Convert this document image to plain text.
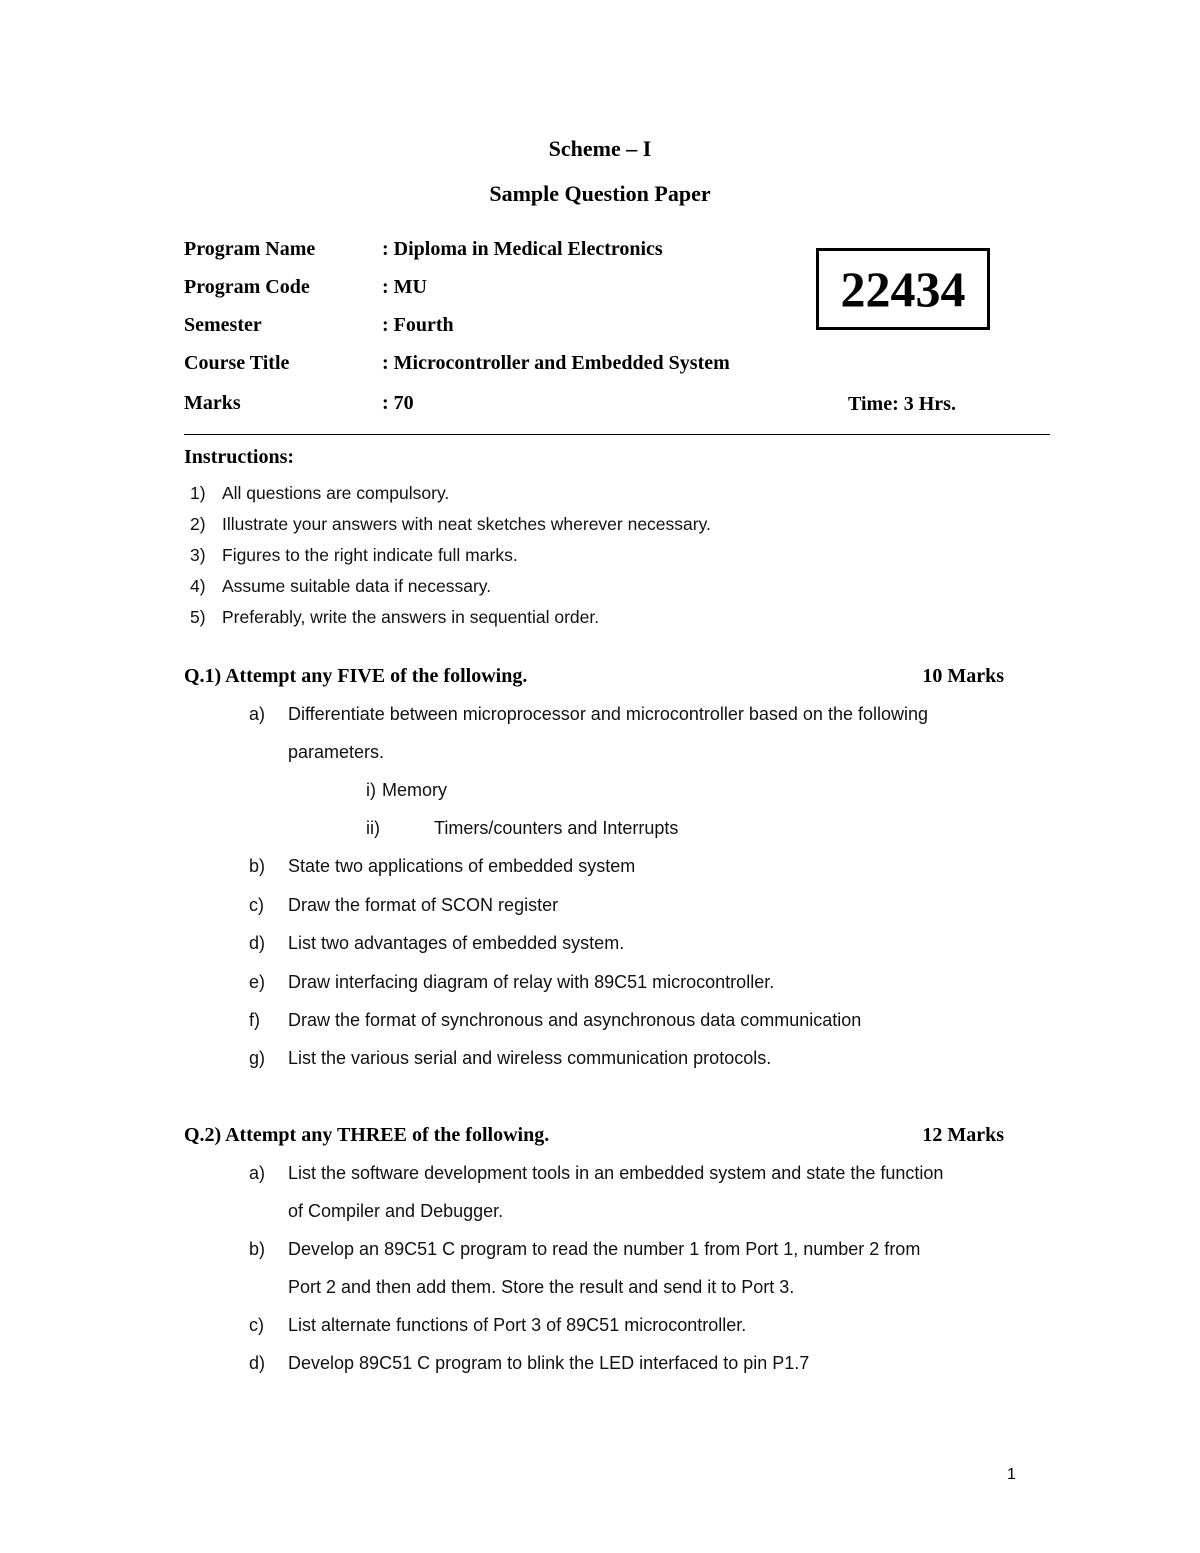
Scheme – I
Sample Question Paper
Program Name	: Diploma in Medical Electronics
Program Code	: MU
Semester	: Fourth
Course Title	: Microcontroller and Embedded System
Marks	: 70
22434
Time: 3 Hrs.
Instructions:
1) All questions are compulsory.
2) Illustrate your answers with neat sketches wherever necessary.
3) Figures to the right indicate full marks.
4) Assume suitable data if necessary.
5) Preferably, write the answers in sequential order.
Q.1) Attempt any FIVE of the following.	10 Marks
a) Differentiate between microprocessor and microcontroller based on the following
parameters.
i) Memory
ii)	Timers/counters and Interrupts
b) State two applications of embedded system
c) Draw the format of SCON register
d) List two advantages of embedded system.
e) Draw interfacing diagram of relay with 89C51 microcontroller.
f) Draw the format of synchronous and asynchronous data communication
g) List the various serial and wireless communication protocols.
Q.2) Attempt any THREE of the following.	12 Marks
a) List the software development tools in an embedded system and state the function
of Compiler and Debugger.
b) Develop an 89C51 C program to read the number 1 from Port 1, number 2 from
Port 2 and then add them. Store the result and send it to Port 3.
c) List alternate functions of Port 3 of 89C51 microcontroller.
d) Develop 89C51 C program to blink the LED interfaced to pin P1.7
1
